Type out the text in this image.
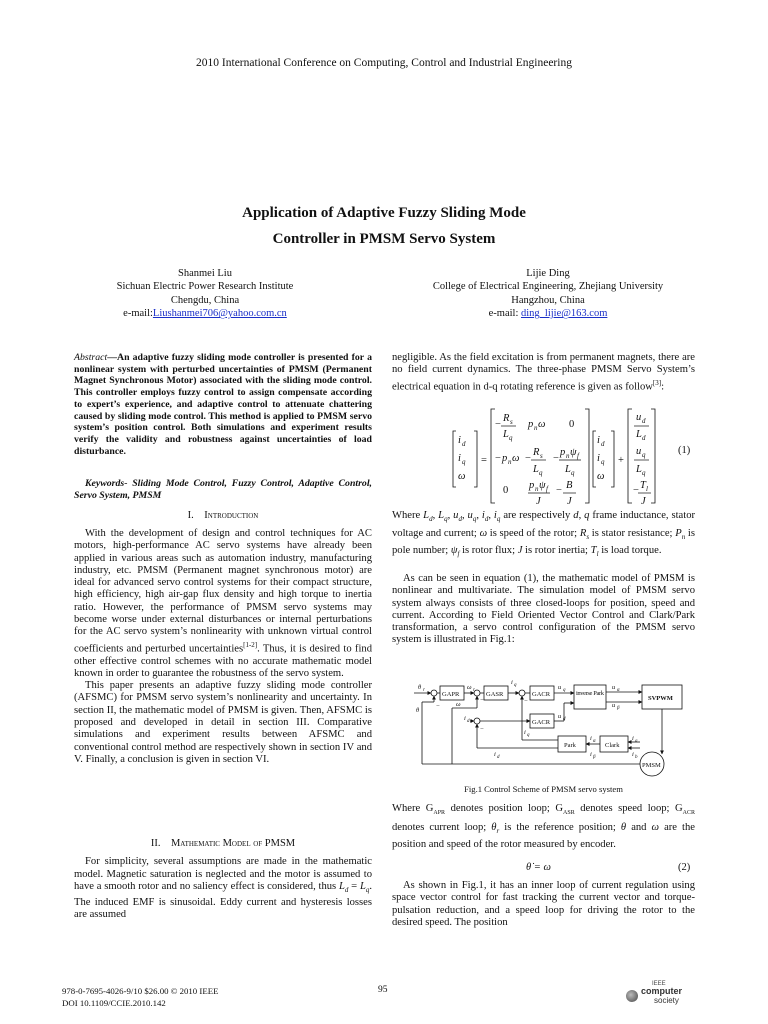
2010 International Conference on Computing, Control and Industrial Engineering
Application of Adaptive Fuzzy Sliding Mode
Controller in PMSM Servo System
Shanmei Liu
Sichuan Electric Power Research Institute
Chengdu, China
e-mail:Liushanmei706@yahoo.com.cn
Lijie Ding
College of Electrical Engineering, Zhejiang University
Hangzhou, China
e-mail: ding_lijie@163.com
Abstract—An adaptive fuzzy sliding mode controller is presented for a nonlinear system with perturbed uncertainties of PMSM (Permanent Magnet Synchronous Motor) associated with the sliding mode control. This controller employs fuzzy control to assign compensate according to expert’s experience, and adaptive control to attenuate chattering caused by sliding mode control. This method is applied to PMSM servo system’s position control. Both simulations and experiment results verify the validity and robustness against uncertainties of load disturbance.
Keywords- Sliding Mode Control, Fuzzy Control, Adaptive Control, Servo System, PMSM
I. Introduction

With the development of design and control techniques for AC motors, high-performance AC servo systems have already been applied in various areas such as automation industry, manufacturing industry, etc. PMSM (Permanent magnet synchronous motor) are ideal for advanced servo control systems for their compact structure, high efficiency, high air-gap flux density and high torque to inertia ratio. However, the performance of PMSM servo systems may become worse under external disturbances or internal perturbations for the AC servo system’s nonlinearity with unknown virtual control coefficients and perturbed uncertainties[1-2]. Thus, it is desired to find other effective control schemes with no accurate mathematic model known in order to guarantee the robustness of the servo system.

This paper presents an adaptive fuzzy sliding mode controller (AFSMC) for PMSM servo system’s nonlinearity and uncertainty. In section II, the mathematic model of PMSM is given. Then, AFSMC is proposed and developed in detail in section III. Comparative simulations and experiment results between AFSMC and conventional control method are respectively shown in section IV and V. Finally, a conclusion is given in section VI.

II. Mathematic Model of PMSM

For simplicity, several assumptions are made in the mathematic model. Magnetic saturation is neglected and the motor is assumed to have a smooth rotor and no saliency effect is considered, thus $L_d = L_q$. The induced EMF is sinusoidal. Eddy current and hysteresis losses are assumed

negligible. As the field excitation is from permanent magnets, there are no field current dynamics. The three-phase PMSM Servo System’s electrical equation in d-q rotating reference is given as follow[3]:

i d
i q
ω
=
−
R s
L q
p n ω 0
− p n ω −
R s
L q
−
p n ψ f
L q
0 p n ψ f
J
− B
J
i d
i q
ω
+
u d
L d
u q
L q
− T l
J
(1)

Where $L_d$, $L_q$, $u_d$, $u_q$, $i_d$, $i_q$ are respectively d, q frame inductance, stator voltage and current; ω is speed of the rotor; $R_s$ is stator resistance; $P_n$ is pole number; $\psi_f$ is rotor flux; J is rotor inertia; $T_l$ is load torque.

As can be seen in equation (1), the mathematic model of PMSM is nonlinear and multivariate. The simulation model of PMSM servo system always consists of three closed-loops for position, speed and current. According to Field Oriented Vector Control and Clark/Park transformation, a servo control configuration of the PMSM servo system is illustrated in Fig.1:

GAPR	GASR	GACR
GACR
inverse Park
SVPWM
Park	Clark
PMSM
θ r	ω r
i q
i d
u q
u d
u α
u β
i q
i d
i α
i β
i a
i b
ω
θ
−
−	−
−
Fig.1 Control Scheme of PMSM servo system

Where $G_{APR}$ denotes position loop; $G_{ASR}$ denotes speed loop; $G_{ACR}$ denotes current loop; $\theta_r$ is the reference position; θ and ω are the position and speed of the rotor measured by encoder.

θ̇ = ω	(2)

As shown in Fig.1, it has an inner loop of current regulation using space vector control for fast tracking the current vector and torque-pulsation reduction, and a speed loop for driving the rotor to the desired speed. The position

978-0-7695-4026-9/10 $26.00 © 2010 IEEE
DOI 10.1109/CCIE.2010.142
95
IEEE
computer
society
